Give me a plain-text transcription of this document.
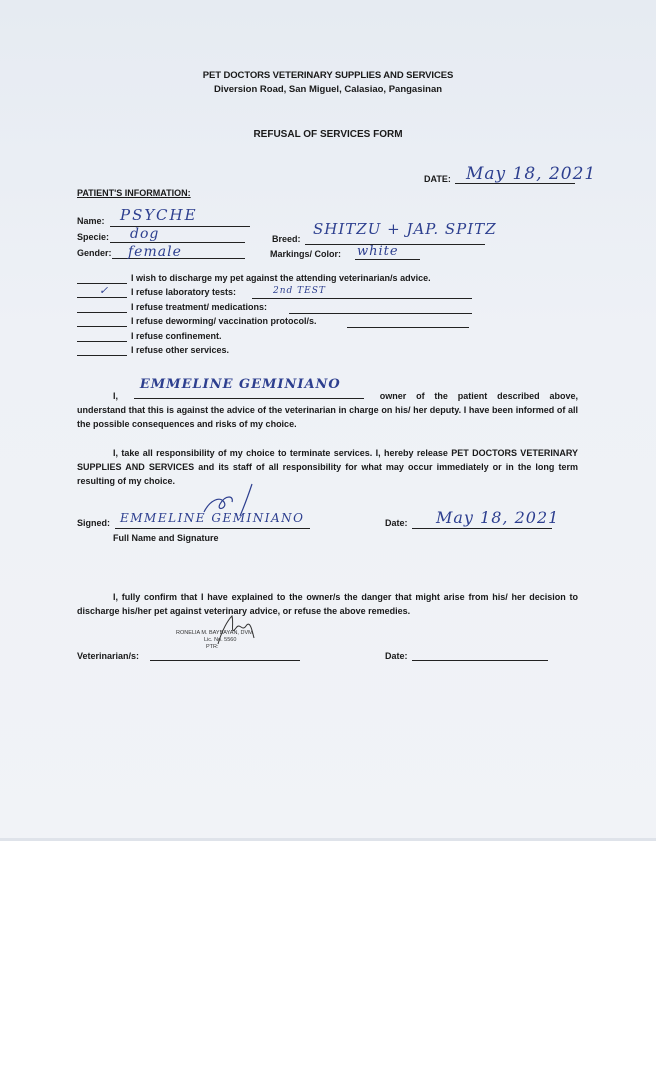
PET DOCTORS VETERINARY SUPPLIES AND SERVICES
Diversion Road, San Miguel, Calasiao, Pangasinan
REFUSAL OF SERVICES FORM
DATE: May 18, 2021
PATIENT'S INFORMATION:
Name: PSYCHE
Specie: dog
Gender: female
Breed:
SHITZU + JAP. SPITZ
Markings/ Color: white
I wish to discharge my pet against the attending veterinarian/s advice.
✓ I refuse laboratory tests:	2nd TEST
I refuse treatment/ medications:
I refuse deworming/ vaccination protocol/s.
I refuse confinement.
I refuse other services.
I,
EMMELINE GEMINIANO
owner of the patient described above, understand that this is against the advice of the veterinarian in charge on his/ her deputy. I have been informed of all the possible consequences and risks of my choice.
I, take all responsibility of my choice to terminate services. I, hereby release PET DOCTORS VETERINARY SUPPLIES AND SERVICES and its staff of all responsibility for what may occur immediately or in the long term resulting of my choice.
Signed: EMMELINE GEMINIANO
Full Name and Signature
Date: May 18, 2021
I, fully confirm that I have explained to the owner/s the danger that might arise from his/ her decision to discharge his/her pet against veterinary advice, or refuse the above remedies.
Veterinarian/s:
RONELIA M. BAYBAYAN, DVM
Lic. No. 5560
PTR:
Date:
